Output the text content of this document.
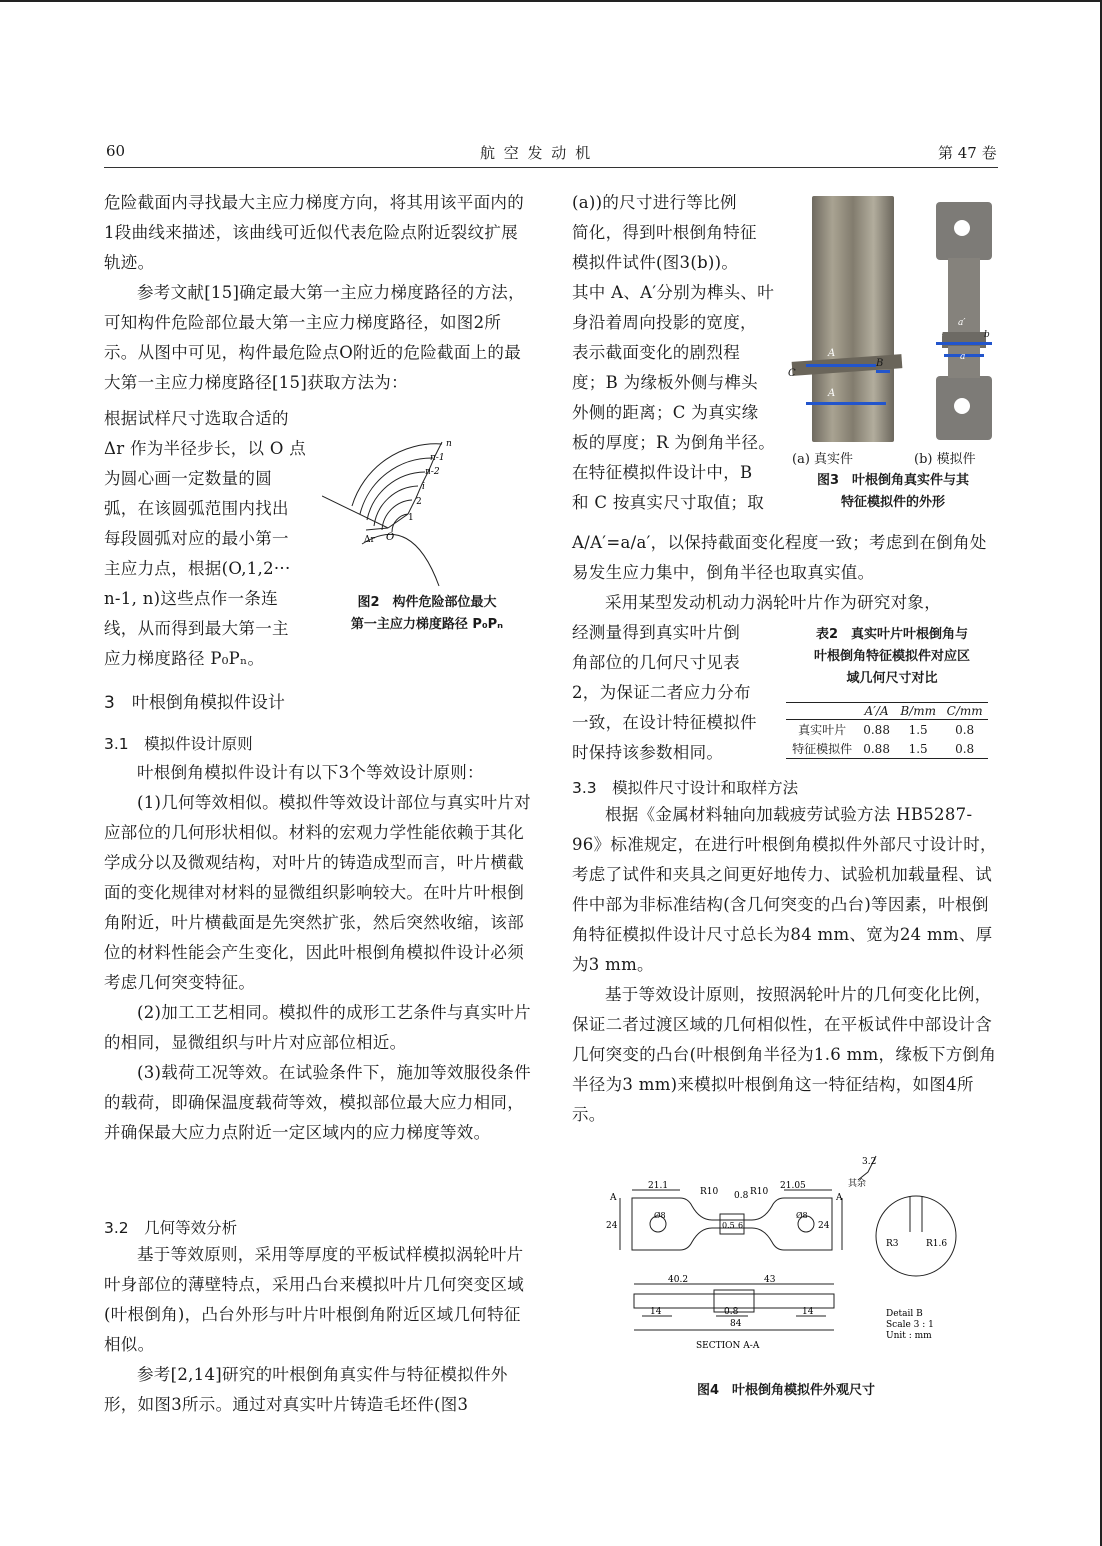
60	航 空 发 动 机	第 47 卷

危险截面内寻找最大主应力梯度方向，将其用该平面内的1段曲线来描述，该曲线可近似代表危险点附近裂纹扩展轨迹。

参考文献[15]确定最大第一主应力梯度路径的方法，可知构件危险部位最大第一主应力梯度路径，如图2所示。从图中可见，构件最危险点O附近的危险截面上的最大第一主应力梯度路径[15]获取方法为：

根据试样尺寸选取合适的
Δr 作为半径步长，以 O 点
为圆心画一定数量的圆
弧，在该圆弧范围内找出
每段圆弧对应的最小第一
主应力点，根据(O,1,2···
n-1, n)这些点作一条连
线，从而得到最大第一主
应力梯度路径 P₀Pₙ。
n
n-1
n-2
i
2
1
O
Δr
图2　构件危险部位最大
第一主应力梯度路径 P₀Pₙ
3　叶根倒角模拟件设计
3.1　模拟件设计原则

叶根倒角模拟件设计有以下3个等效设计原则：

(1)几何等效相似。模拟件等效设计部位与真实叶片对应部位的几何形状相似。材料的宏观力学性能依赖于其化学成分以及微观结构，对叶片的铸造成型而言，叶片横截面的变化规律对材料的显微组织影响较大。在叶片叶根倒角附近，叶片横截面是先突然扩张，然后突然收缩，该部位的材料性能会产生变化，因此叶根倒角模拟件设计必须考虑几何突变特征。

(2)加工工艺相同。模拟件的成形工艺条件与真实叶片的相同，显微组织与叶片对应部位相近。

(3)载荷工况等效。在试验条件下，施加等效服役条件的载荷，即确保温度载荷等效，模拟部位最大应力相同，并确保最大应力点附近一定区域内的应力梯度等效。

3.2　几何等效分析

基于等效原则，采用等厚度的平板试样模拟涡轮叶片叶身部位的薄壁特点，采用凸台来模拟叶片几何突变区域(叶根倒角)，凸台外形与叶片叶根倒角附近区域几何特征相似。

参考[2,14]研究的叶根倒角真实件与特征模拟件外形，如图3所示。通过对真实叶片铸造毛坯件(图3

(a))的尺寸进行等比例
简化，得到叶根倒角特征
模拟件试件(图3(b))。
其中 A、A′分别为榫头、叶
身沿着周向投影的宽度，
表示截面变化的剧烈程
度；B 为缘板外侧与榫头
外侧的距离；C 为真实缘
板的厚度；R 为倒角半径。
在特征模拟件设计中，B
和 C 按真实尺寸取值；取
A
A
B
C
a′
a
b
c
(a) 真实件	(b) 模拟件
图3　叶根倒角真实件与其
特征模拟件的外形

A/A′=a/a′，以保持截面变化程度一致；考虑到在倒角处易发生应力集中，倒角半径也取真实值。

采用某型发动机动力涡轮叶片作为研究对象，

经测量得到真实叶片倒
角部位的几何尺寸见表
2，为保证二者应力分布
一致，在设计特征模拟件
时保持该参数相同。
表2　真实叶片叶根倒角与
叶根倒角特征模拟件对应区
域几何尺寸对比
	A′/A	B/mm	C/mm
真实叶片	0.88	1.5	0.8
特征模拟件	0.88	1.5	0.8
3.3　模拟件尺寸设计和取样方法

根据《金属材料轴向加载疲劳试验方法 HB5287-96》标准规定，在进行叶根倒角模拟件外部尺寸设计时，考虑了试件和夹具之间更好地传力、试验机加载量程、试件中部为非标准结构(含几何突变的凸台)等因素，叶根倒角特征模拟件设计尺寸总长为84 mm、宽为24 mm、厚为3 mm。

基于等效设计原则，按照涡轮叶片的几何变化比例，保证二者过渡区域的几何相似性，在平板试件中部设计含几何突变的凸台(叶根倒角半径为1.6 mm，缘板下方倒角半径为3 mm)来模拟叶根倒角这一特征结构，如图4所示。

其余
3.2
21.1
R10 0.8 R10
21.05
A	A
24	24
Ø8	Ø8
6
0.5
40.2	43
14	0.8	14
84
SECTION A-A
R3	R1.6
Detail B
Scale 3 : 1
Unit : mm
图4　叶根倒角模拟件外观尺寸
